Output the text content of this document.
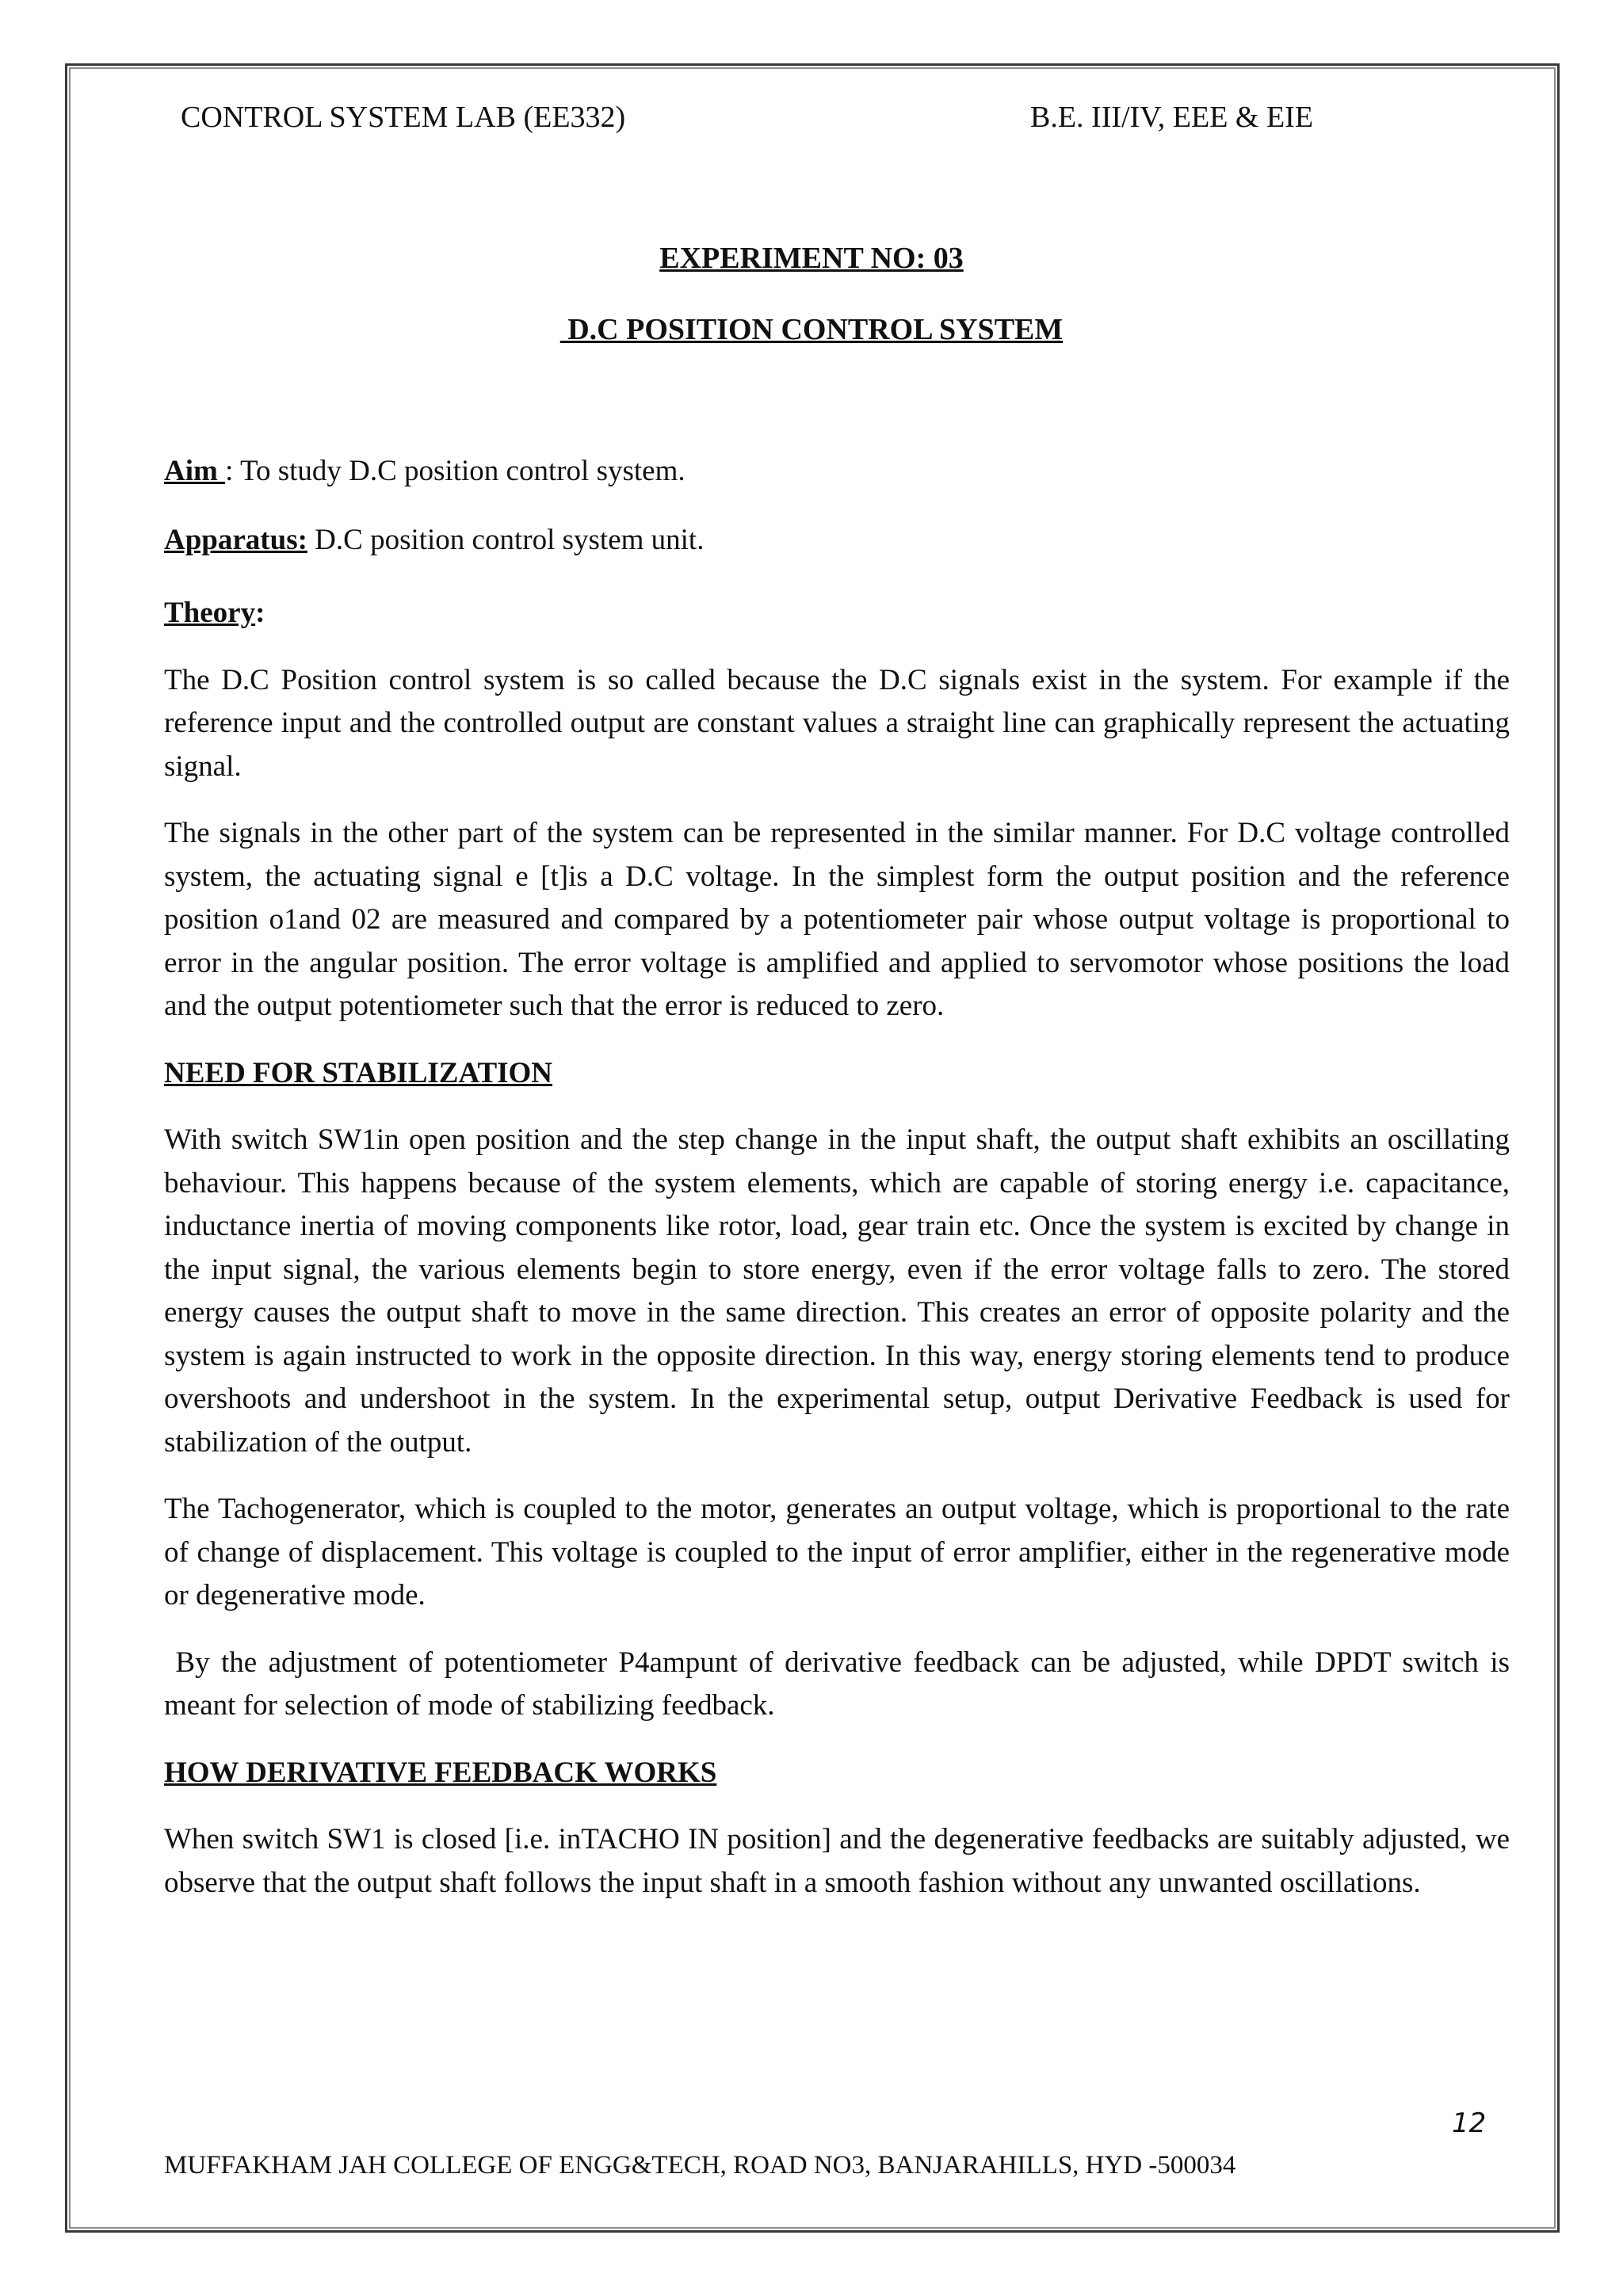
CONTROL SYSTEM LAB (EE332)	B.E. III/IV, EEE & EIE
EXPERIMENT NO: 03
D.C POSITION CONTROL SYSTEM

Aim : To study D.C position control system.

Apparatus: D.C position control system unit.

Theory:

The D.C Position control system is so called because the D.C signals exist in the system. For example if the reference input and the controlled output are constant values a straight line can graphically represent the actuating signal.

The signals in the other part of the system can be represented in the similar manner. For D.C voltage controlled system, the actuating signal e [t]is a D.C voltage. In the simplest form the output position and the reference position o1and 02 are measured and compared by a potentiometer pair whose output voltage is proportional to error in the angular position. The error voltage is amplified and applied to servomotor whose positions the load and the output potentiometer such that the error is reduced to zero.

NEED FOR STABILIZATION

With switch SW1in open position and the step change in the input shaft, the output shaft exhibits an oscillating behaviour. This happens because of the system elements, which are capable of storing energy i.e. capacitance, inductance inertia of moving components like rotor, load, gear train etc. Once the system is excited by change in the input signal, the various elements begin to store energy, even if the error voltage falls to zero. The stored energy causes the output shaft to move in the same direction. This creates an error of opposite polarity and the system is again instructed to work in the opposite direction. In this way, energy storing elements tend to produce overshoots and undershoot in the system. In the experimental setup, output Derivative Feedback is used for stabilization of the output.

The Tachogenerator, which is coupled to the motor, generates an output voltage, which is proportional to the rate of change of displacement. This voltage is coupled to the input of error amplifier, either in the regenerative mode or degenerative mode.

By the adjustment of potentiometer P4ampunt of derivative feedback can be adjusted, while DPDT switch is meant for selection of mode of stabilizing feedback.

HOW DERIVATIVE FEEDBACK WORKS

When switch SW1 is closed [i.e. inTACHO IN position] and the degenerative feedbacks are suitably adjusted, we observe that the output shaft follows the input shaft in a smooth fashion without any unwanted oscillations.

12
MUFFAKHAM JAH COLLEGE OF ENGG&TECH, ROAD NO3, BANJARAHILLS, HYD -500034
